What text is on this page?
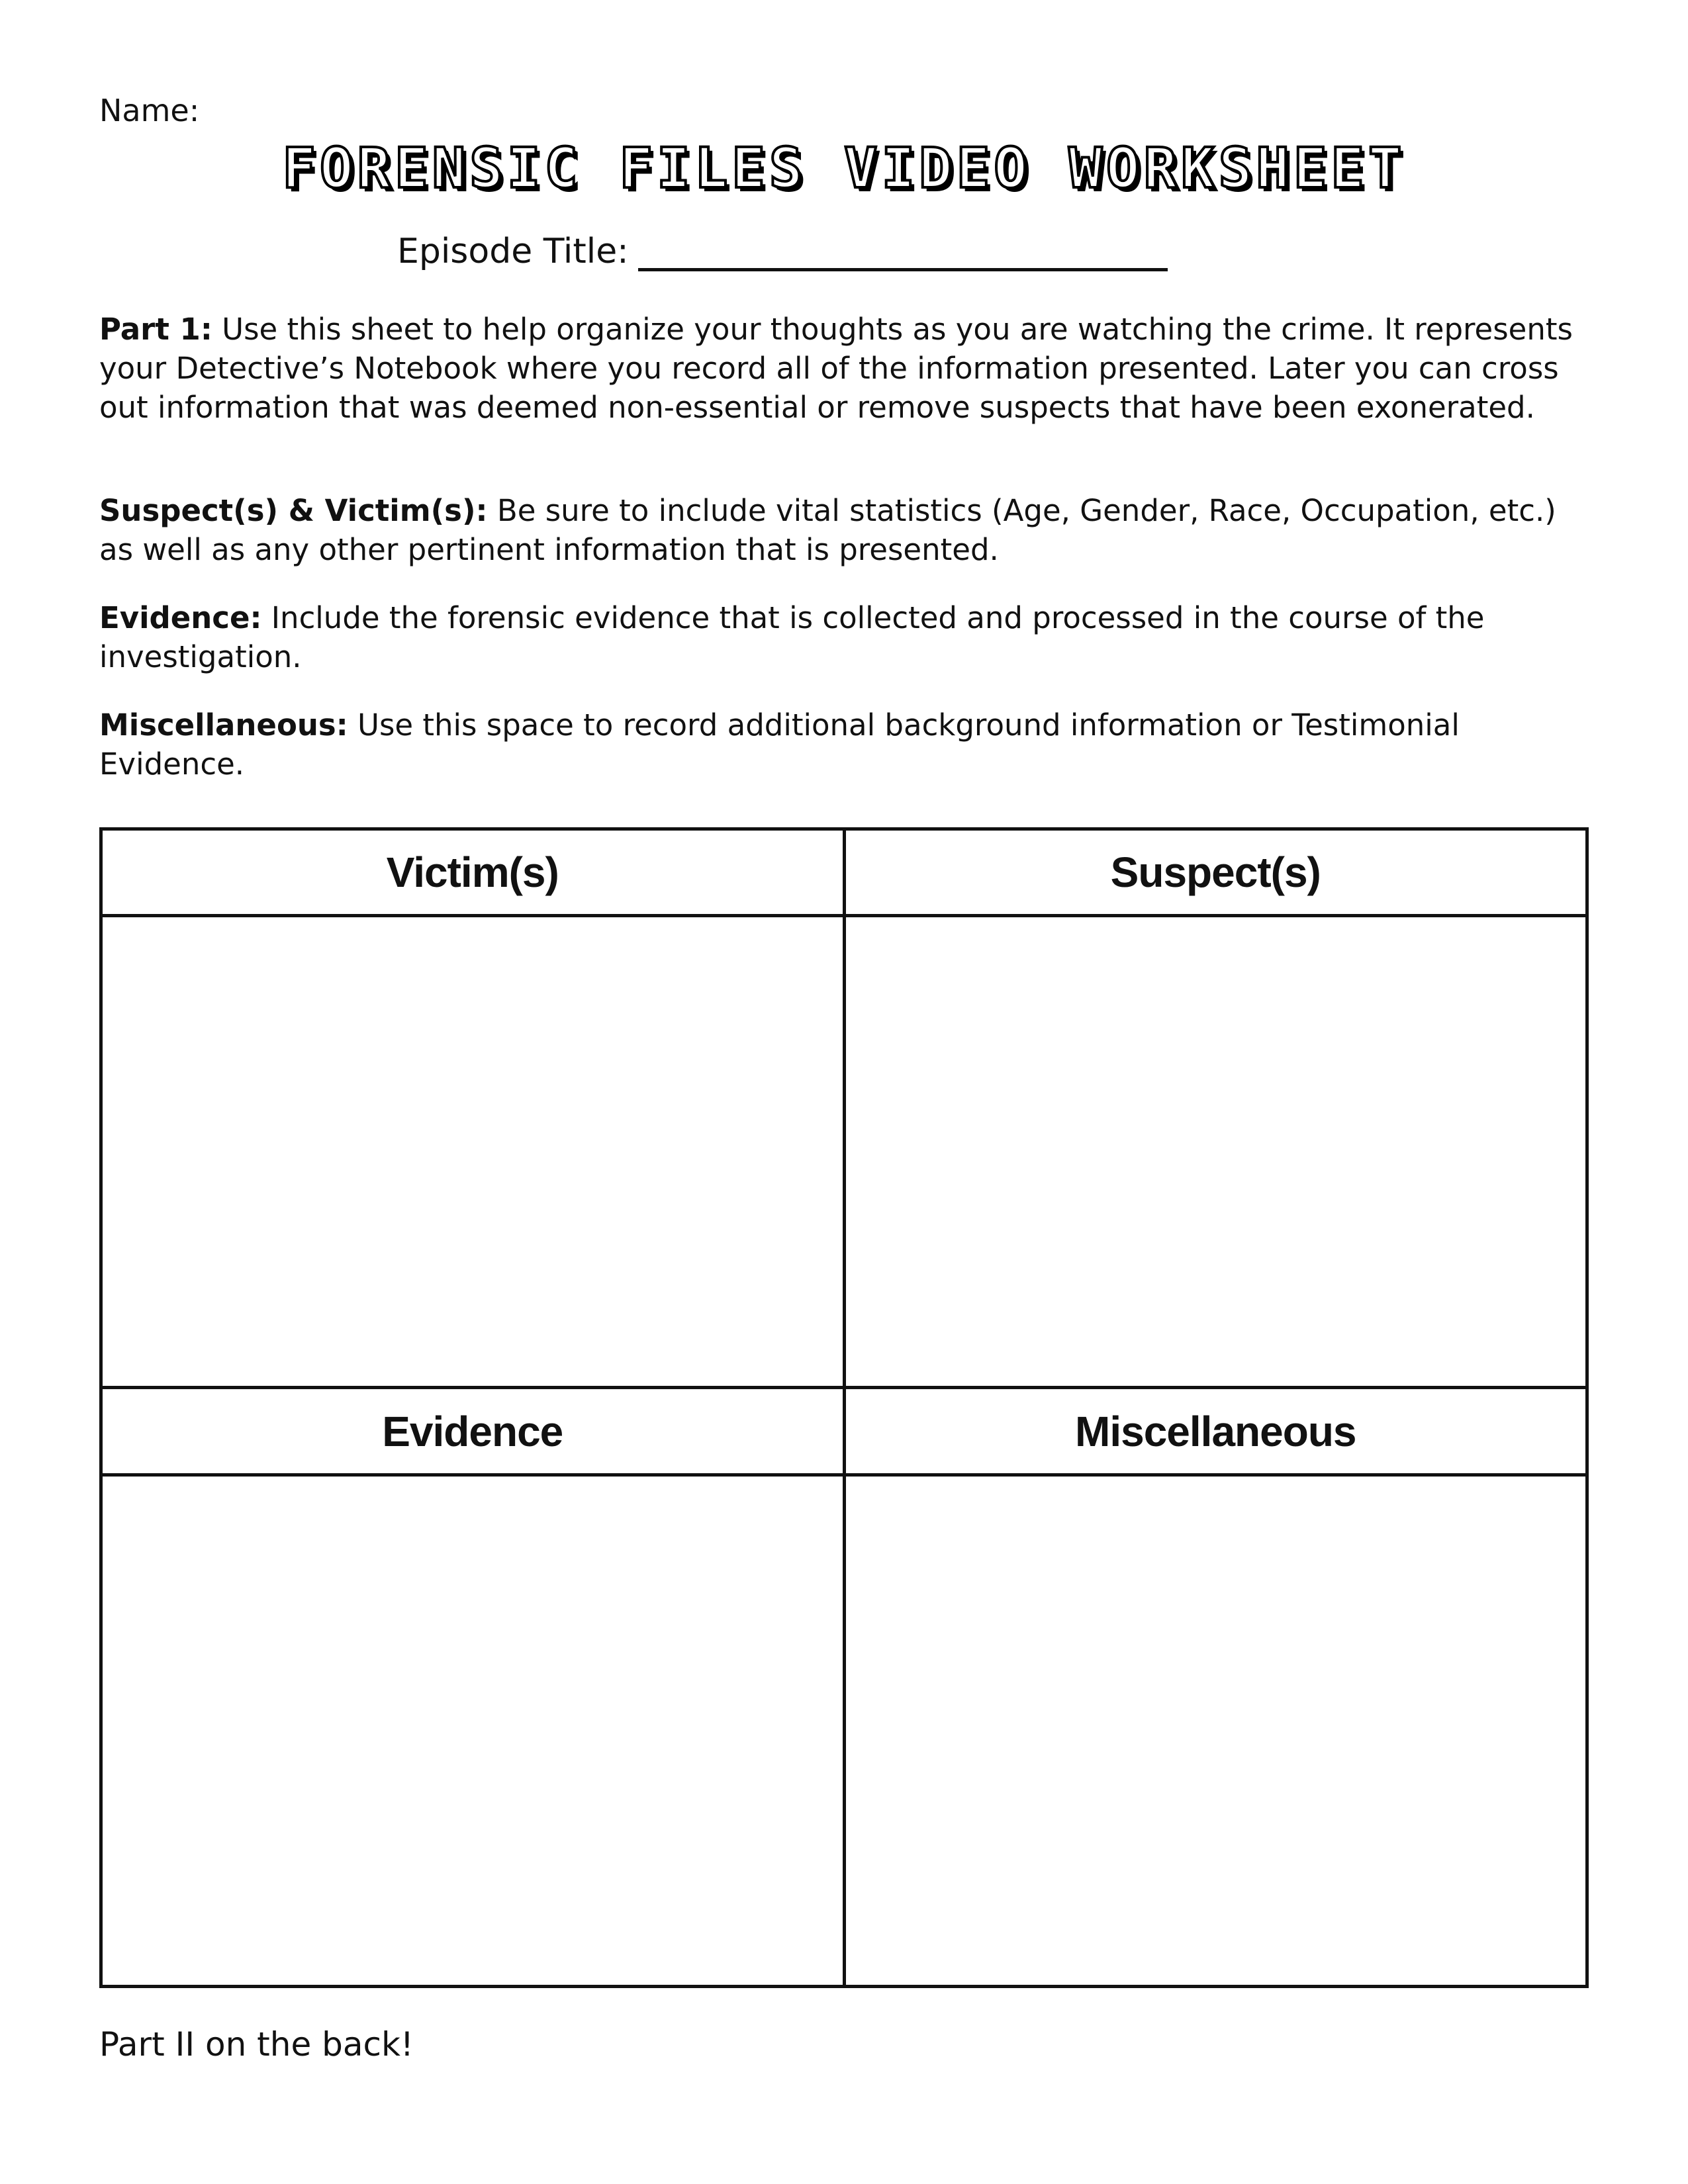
Name:
FORENSIC FILES VIDEO WORKSHEET
Episode Title:
Part 1: Use this sheet to help organize your thoughts as you are watching the crime. It represents your Detective’s Notebook where you record all of the information presented. Later you can cross out information that was deemed non-essential or remove suspects that have been exonerated.
Suspect(s) & Victim(s): Be sure to include vital statistics (Age, Gender, Race, Occupation, etc.) as well as any other pertinent information that is presented.
Evidence: Include the forensic evidence that is collected and processed in the course of the investigation.
Miscellaneous: Use this space to record additional background information or Testimonial Evidence.
Victim(s)	Suspect(s)

Evidence	Miscellaneous

Part II on the back!
